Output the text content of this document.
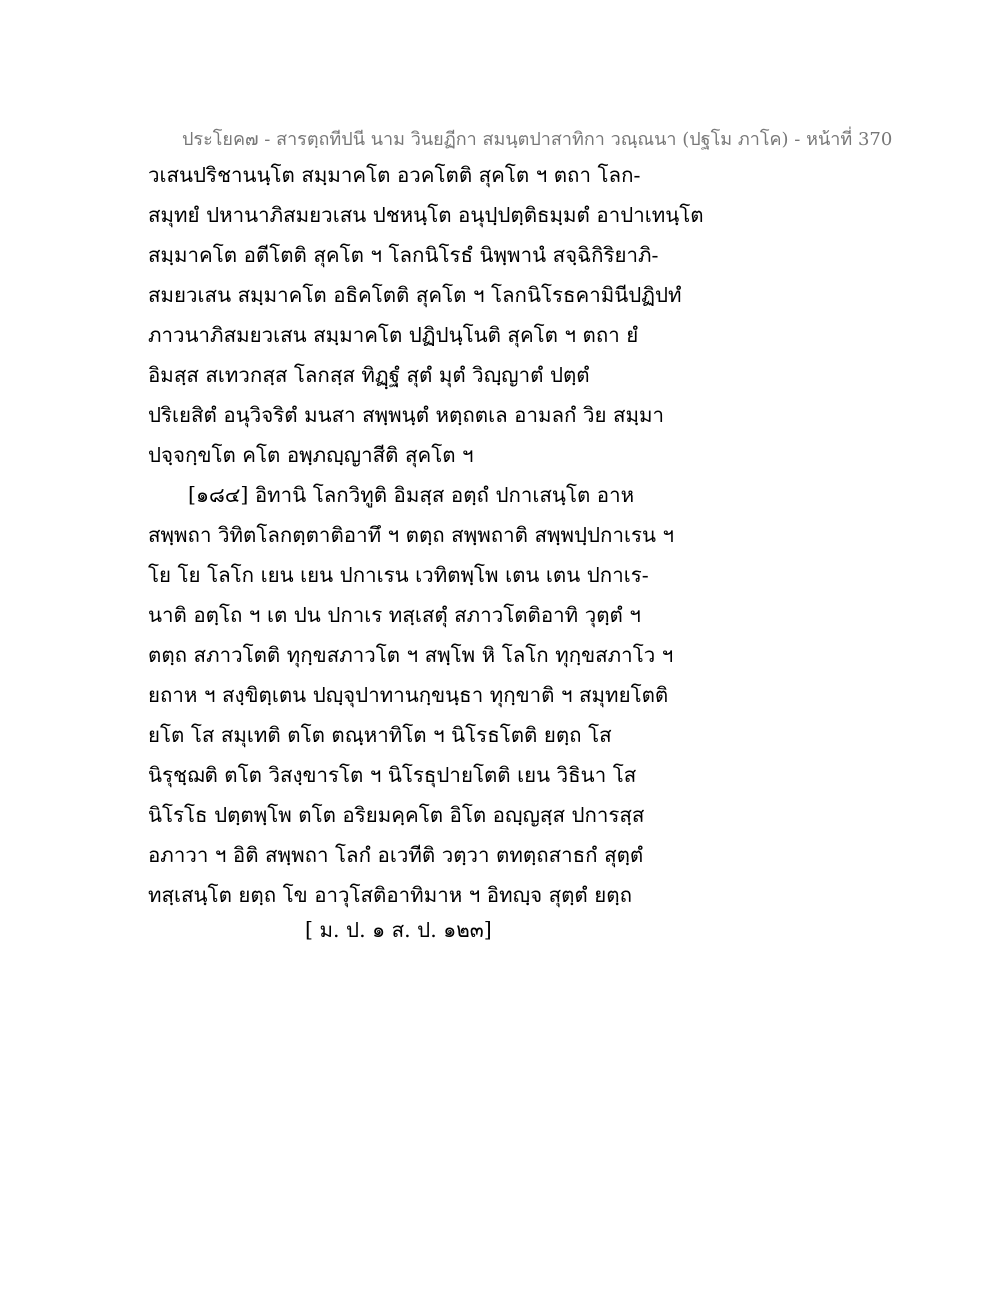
ประโยค๗ - สารตฺถทีปนี นาม วินยฏีกา สมนฺตปาสาทิกา วณฺณนา (ปฐโม ภาโค) - หน้าที่ 370
วเสนปริชานนฺโต สมฺมาคโต อวคโตติ สุคโต ฯ ตถา โลก-
สมุทยํ ปหานาภิสมยวเสน ปชหนฺโต อนุปฺปตฺติธมฺมตํ อาปาเทนฺโต
สมฺมาคโต อตีโตติ สุคโต ฯ โลกนิโรธํ นิพฺพานํ สจฺฉิกิริยาภิ-
สมยวเสน สมฺมาคโต อธิคโตติ สุคโต ฯ โลกนิโรธคามินีปฏิปทํ
ภาวนาภิสมยวเสน สมฺมาคโต ปฏิปนฺโนติ สุคโต ฯ ตถา ยํ
อิมสฺส สเทวกสฺส โลกสฺส ทิฏฺฐํ สุตํ มุตํ วิญฺญาตํ ปตฺตํ
ปริเยสิตํ อนุวิจริตํ มนสา สพฺพนฺตํ หตฺถตเล อามลกํ วิย สมฺมา
ปจฺจกฺขโต คโต อพฺภญฺญาสีติ สุคโต ฯ
[๑๘๔] อิทานิ โลกวิทูติ อิมสฺส อตฺถํ ปกาเสนฺโต อาห
สพฺพถา วิทิตโลกตฺตาติอาทึ ฯ ตตฺถ สพฺพถาติ สพฺพปฺปกาเรน ฯ
โย โย โลโก เยน เยน ปกาเรน เวทิตพฺโพ เตน เตน ปกาเร-
นาติ อตฺโถ ฯ เต ปน ปกาเร ทสฺเสตุํ สภาวโตติอาทิ วุตฺตํ ฯ
ตตฺถ สภาวโตติ ทุกฺขสภาวโต ฯ สพฺโพ หิ โลโก ทุกฺขสภาโว ฯ
ยถาห ฯ สงฺขิตฺเตน ปญฺจุปาทานกฺขนฺธา ทุกฺขาติ ฯ สมุทยโตติ
ยโต โส สมุเทติ ตโต ตณฺหาทิโต ฯ นิโรธโตติ ยตฺถ โส
นิรุชฺฌติ ตโต วิสงฺขารโต ฯ นิโรธุปายโตติ เยน วิธินา โส
นิโรโธ ปตฺตพฺโพ ตโต อริยมคฺคโต อิโต อญฺญสฺส ปการสฺส
อภาวา ฯ อิติ สพฺพถา โลกํ อเวทีติ วตฺวา ตทตฺถสาธกํ สุตฺตํ
ทสฺเสนฺโต ยตฺถ โข อาวุโสติอาทิมาห ฯ อิทญฺจ สุตฺตํ ยตฺถ
[ ม. ป. ๑ ส. ป. ๑๒๓]
